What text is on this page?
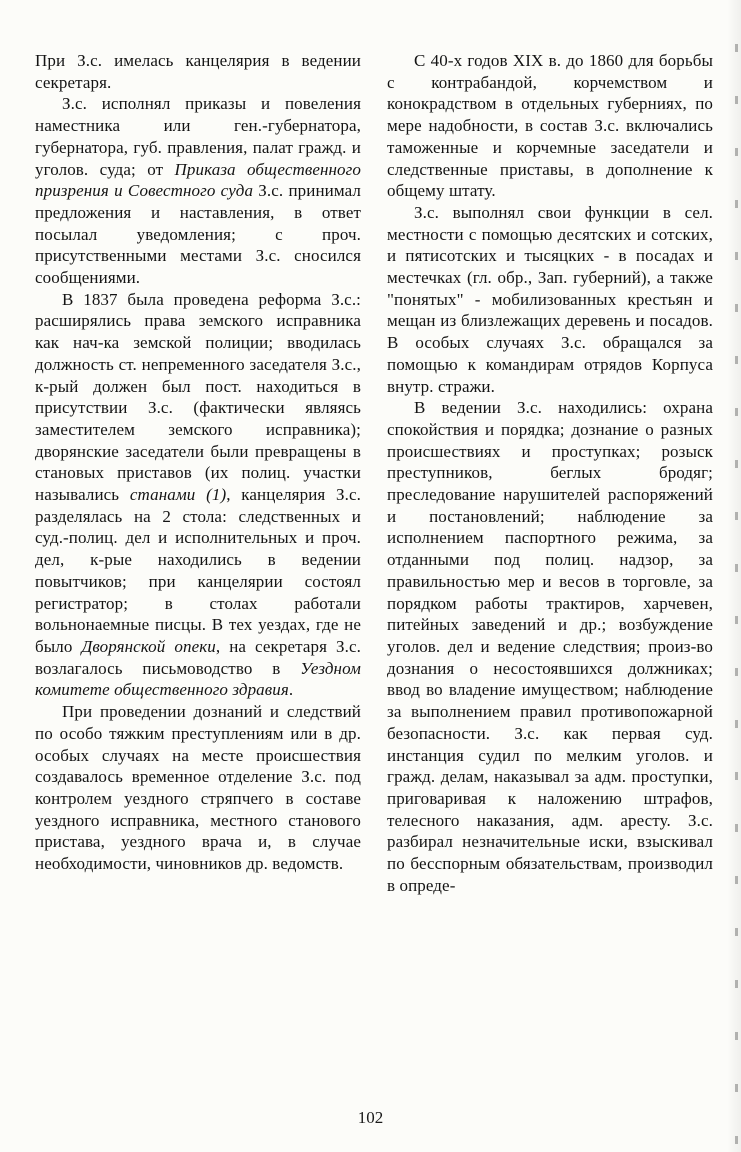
При З.с. имелась канцелярия в ведении секретаря.

З.с. исполнял приказы и повеления наместника или ген.-губернатора, губернатора, губ. правления, палат гражд. и уголов. суда; от Приказа общественного призрения и Совестного суда З.с. принимал предложения и наставления, в ответ посылал уведомления; с проч. присутственными местами З.с. сносился сообщениями.

В 1837 была проведена реформа З.с.: расширялись права земского исправника как нач-ка земской полиции; вводилась должность ст. непременного заседателя З.с., к-рый должен был пост. находиться в присутствии З.с. (фактически являясь заместителем земского исправника); дворянские заседатели были превращены в становых приставов (их полиц. участки назывались станами (1), канцелярия З.с. разделялась на 2 стола: следственных и суд.-полиц. дел и исполнительных и проч. дел, к-рые находились в ведении повытчиков; при канцелярии состоял регистратор; в столах работали вольнонаемные писцы. В тех уездах, где не было Дворянской опеки, на секретаря З.с. возлагалось письмоводство в Уездном комитете общественного здравия.

При проведении дознаний и следствий по особо тяжким преступлениям или в др. особых случаях на месте происшествия создавалось временное отделение З.с. под контролем уездного стряпчего в составе уездного исправника, местного станового пристава, уездного врача и, в случае необходимости, чиновников др. ведомств.

С 40-х годов XIX в. до 1860 для борьбы с контрабандой, корчемством и конокрадством в отдельных губерниях, по мере надобности, в состав З.с. включались таможенные и корчемные заседатели и следственные приставы, в дополнение к общему штату.

З.с. выполнял свои функции в сел. местности с помощью десятских и сотских, и пятисотских и тысяцких - в посадах и местечках (гл. обр., Зап. губерний), а также "понятых" - мобилизованных крестьян и мещан из близлежащих деревень и посадов. В особых случаях З.с. обращался за помощью к командирам отрядов Корпуса внутр. стражи.

В ведении З.с. находились: охрана спокойствия и порядка; дознание о разных происшествиях и проступках; розыск преступников, беглых бродяг; преследование нарушителей распоряжений и постановлений; наблюдение за исполнением паспортного режима, за отданными под полиц. надзор, за правильностью мер и весов в торговле, за порядком работы трактиров, харчевен, питейных заведений и др.; возбуждение уголов. дел и ведение следствия; произ-во дознания о несостоявшихся должниках; ввод во владение имуществом; наблюдение за выполнением правил противопожарной безопасности. З.с. как первая суд. инстанция судил по мелким уголов. и гражд. делам, наказывал за адм. проступки, приговаривая к наложению штрафов, телесного наказания, адм. аресту. З.с. разбирал незначительные иски, взыскивал по бесспорным обязательствам, производил в опреде-

102
